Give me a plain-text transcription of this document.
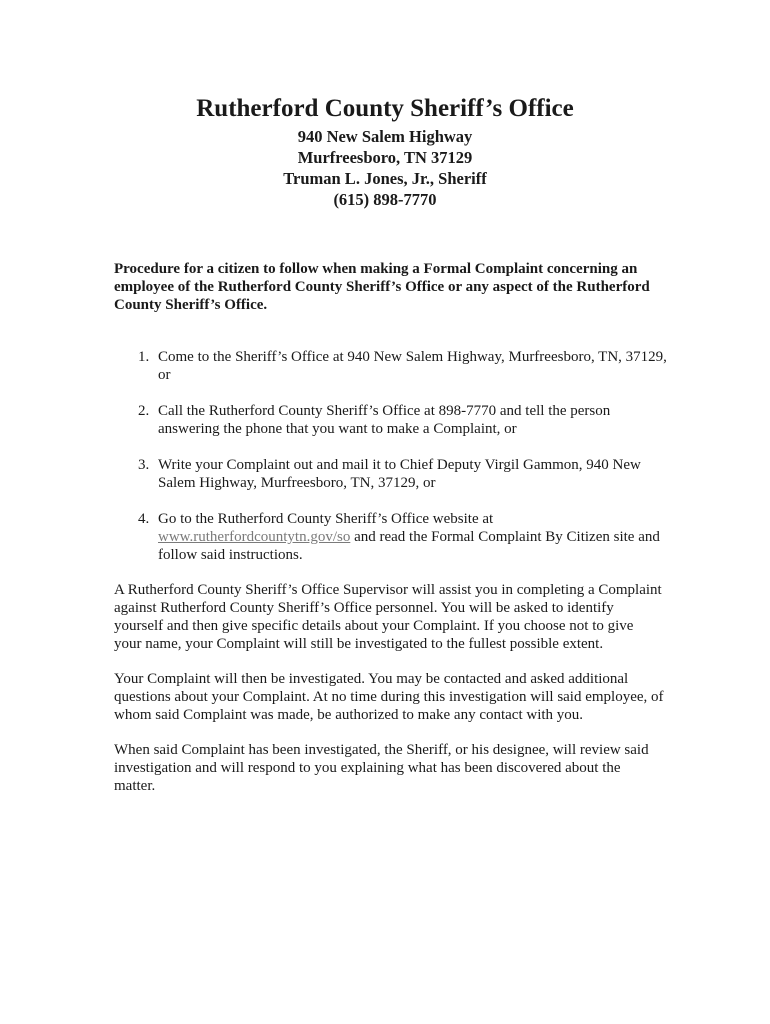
Rutherford County Sheriff’s Office

940 New Salem Highway

Murfreesboro, TN 37129

Truman L. Jones, Jr., Sheriff

(615) 898-7770

Procedure for a citizen to follow when making a Formal Complaint concerning an employee of the Rutherford County Sheriff’s Office or any aspect of the Rutherford County Sheriff’s Office.

1. Come to the Sheriff’s Office at 940 New Salem Highway, Murfreesboro, TN, 37129, or
2. Call the Rutherford County Sheriff’s Office at 898-7770 and tell the person answering the phone that you want to make a Complaint, or
3. Write your Complaint out and mail it to Chief Deputy Virgil Gammon, 940 New Salem Highway, Murfreesboro, TN, 37129, or
4. Go to the Rutherford County Sheriff’s Office website at www.rutherfordcountytn.gov/so and read the Formal Complaint By Citizen site and follow said instructions.

A Rutherford County Sheriff’s Office Supervisor will assist you in completing a Complaint against Rutherford County Sheriff’s Office personnel. You will be asked to identify yourself and then give specific details about your Complaint. If you choose not to give your name, your Complaint will still be investigated to the fullest possible extent.

Your Complaint will then be investigated. You may be contacted and asked additional questions about your Complaint. At no time during this investigation will said employee, of whom said Complaint was made, be authorized to make any contact with you.

When said Complaint has been investigated, the Sheriff, or his designee, will review said investigation and will respond to you explaining what has been discovered about the matter.
